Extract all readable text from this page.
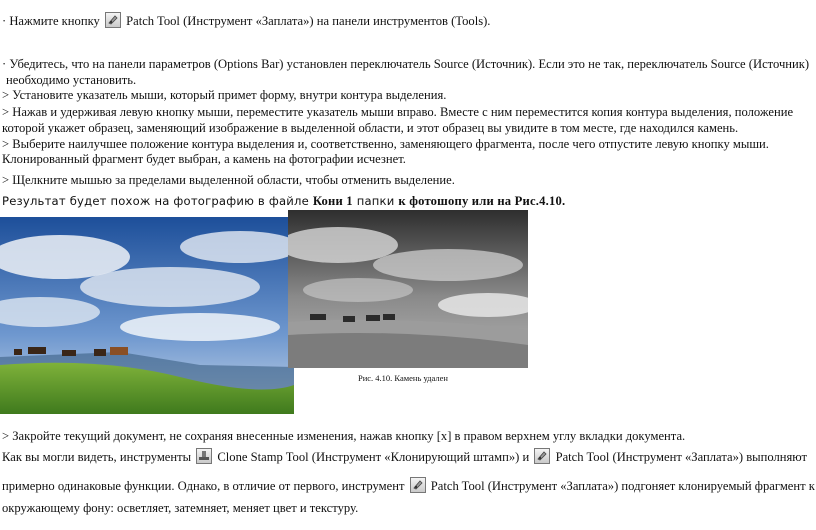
· Нажмите кнопку Patch Tool (Инструмент «Заплата») на панели инструментов (Tools).
· Убедитесь, что на панели параметров (Options Bar) установлен переключатель Source (Источник). Если это не так, переключатель Source (Источник)
необходимо установить.
> Установите указатель мыши, который примет форму, внутри контура выделения.
> Нажав и удерживая левую кнопку мыши, переместите указатель мыши вправо. Вместе с ним переместится копия контура выделения, положение
которой укажет образец, заменяющий изображение в выделенной области, и этот образец вы увидите в том месте, где находился камень.
> Выберите наилучшее положение контура выделения и, соответственно, заменяющего фрагмента, после чего отпустите левую кнопку мыши.
Клонированный фрагмент будет выбран, а камень на фотографии исчезнет.
> Щелкните мышью за пределами выделенной области, чтобы отменить выделение.
Результат будет похож на фотографию в файле Кони 1 папки к фотошопу или на Рис.4.10.
Рис. 4.10. Камень удален
> Закройте текущий документ, не сохраняя внесенные изменения, нажав кнопку [x] в правом верхнем углу вкладки документа.
Как вы могли видеть, инструменты Clone Stamp Tool (Инструмент «Клонирующий штамп») и Patch Tool (Инструмент «Заплата») выполняют
примерно одинаковые функции. Однако, в отличие от первого, инструмент Patch Tool (Инструмент «Заплата») подгоняет клонируемый фрагмент к
окружающему фону: осветляет, затемняет, меняет цвет и текстуру.
